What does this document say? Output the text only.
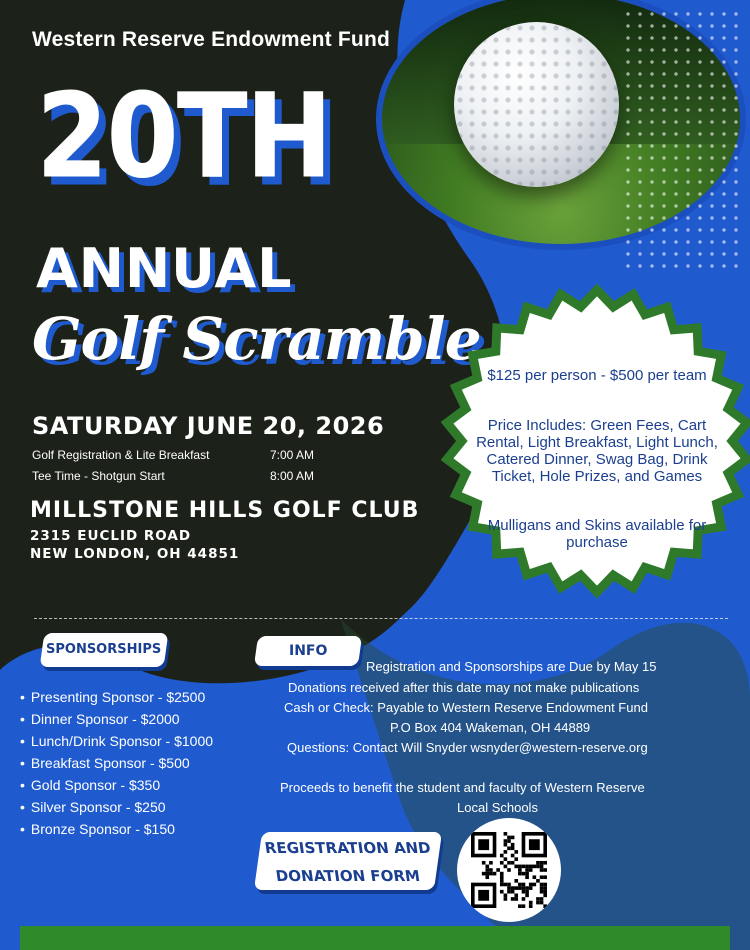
Western Reserve Endowment Fund
20TH
ANNUAL
Golf Scramble
SATURDAY JUNE 20, 2026
Golf Registration & Lite Breakfast	7:00 AM
Tee Time - Shotgun Start	8:00 AM
MILLSTONE HILLS GOLF CLUB
2315 EUCLID ROAD
NEW LONDON, OH 44851
$125 per person - $500 per team
Price Includes: Green Fees, Cart Rental, Light Breakfast, Light Lunch, Catered Dinner, Swag Bag, Drink Ticket, Hole Prizes, and Games
Mulligans and Skins available for purchase
SPONSORSHIPS	INFO
• Presenting Sponsor - $2500
• Dinner Sponsor - $2000
• Lunch/Drink Sponsor - $1000
• Breakfast Sponsor - $500
• Gold Sponsor - $350
• Silver Sponsor - $250
• Bronze Sponsor - $150
Registration and Sponsorships are Due by May 15
Donations received after this date may not make publications
Cash or Check: Payable to Western Reserve Endowment Fund
P.O Box 404 Wakeman, OH 44889
Questions: Contact Will Snyder wsnyder@western-reserve.org
Proceeds to benefit the student and faculty of Western Reserve
Local Schools
REGISTRATION AND
DONATION FORM
